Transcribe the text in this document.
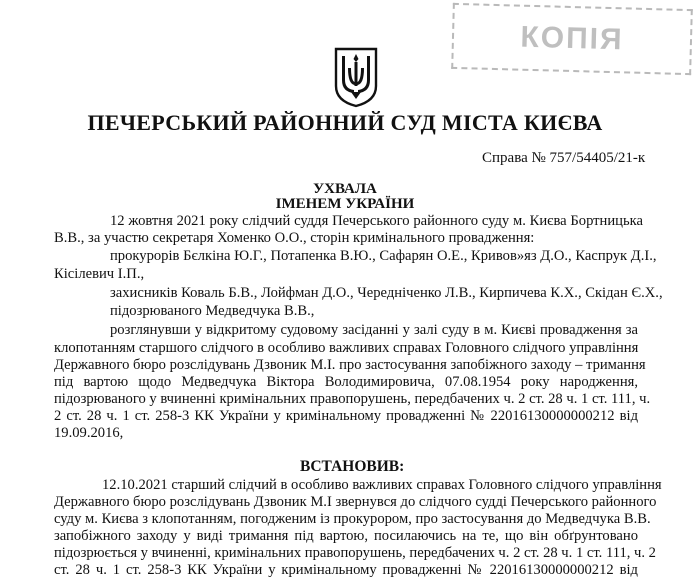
КОПІЯ
ПЕЧЕРСЬКИЙ РАЙОННИЙ СУД МІСТА КИЄВА
Справа № 757/54405/21-к
УХВАЛА
ІМЕНЕМ УКРАЇНИ
12 жовтня 2021 року слідчий суддя Печерського районного суду м. Києва Бортницька
В.В., за участю секретаря Хоменко О.О., сторін кримінального провадження:
прокурорів Бєлкіна Ю.Г., Потапенка В.Ю., Сафарян О.Е., Кривов»яз Д.О., Каспрук Д.І.,
Кісілевич І.П.,
захисників Коваль Б.В., Лойфман Д.О., Чередніченко Л.В., Кирпичева К.Х., Скідан Є.Х.,
підозрюваного Медведчука В.В.,
розглянувши у відкритому судовому засіданні у залі суду в м. Києві провадження за
клопотанням старшого слідчого в особливо важливих справах Головного слідчого управління
Державного бюро розслідувань Дзвоник М.І. про застосування запобіжного заходу – тримання
під вартою щодо Медведчука Віктора Володимировича, 07.08.1954 року народження,
підозрюваного у вчиненні кримінальних правопорушень, передбачених ч. 2 ст. 28 ч. 1 ст. 111, ч.
2 ст. 28 ч. 1 ст. 258-3 КК України у кримінальному провадженні № 22016130000000212 від
19.09.2016,
ВСТАНОВИВ:
12.10.2021 старший слідчий в особливо важливих справах Головного слідчого управління
Державного бюро розслідувань Дзвоник М.І звернувся до слідчого судді Печерського районного
суду м. Києва з клопотанням, погодженим із прокурором, про застосування до Медведчука В.В.
запобіжного заходу у виді тримання під вартою, посилаючись на те, що він обґрунтовано
підозрюється у вчиненні, кримінальних правопорушень, передбачених ч. 2 ст. 28 ч. 1 ст. 111, ч. 2
ст. 28 ч. 1 ст. 258-3 КК України у кримінальному провадженні № 22016130000000212 від
